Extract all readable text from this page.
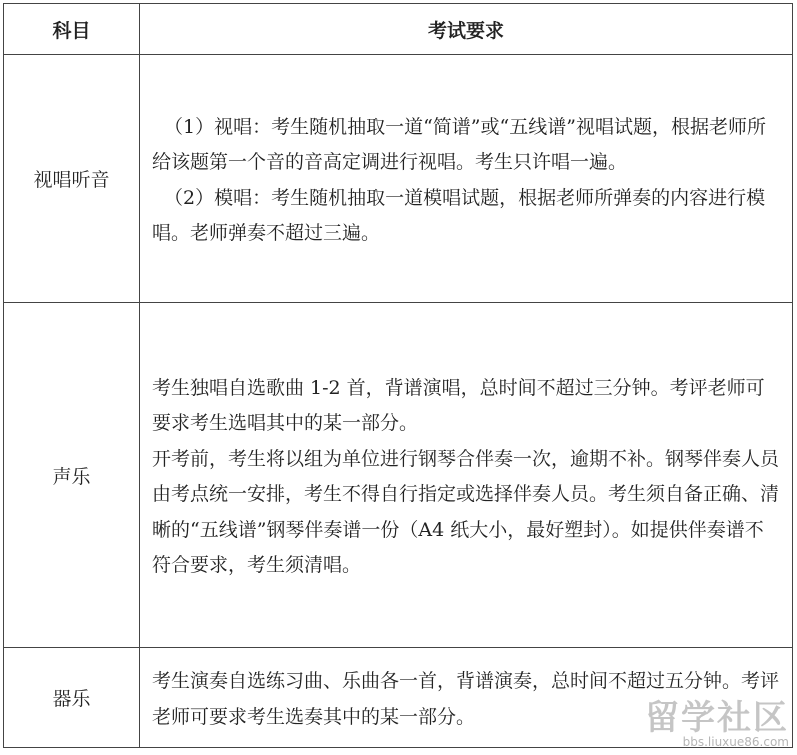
科目	考试要求
视唱听音	（1）视唱：考生随机抽取一道“简谱”或“五线谱”视唱试题，根据老师所给该题第一个音的音高定调进行视唱。考生只许唱一遍。

（2）模唱：考生随机抽取一道模唱试题，根据老师所弹奏的内容进行模唱。老师弹奏不超过三遍。

声乐	考生独唱自选歌曲 1-2 首，背谱演唱，总时间不超过三分钟。考评老师可要求考生选唱其中的某一部分。

开考前，考生将以组为单位进行钢琴合伴奏一次，逾期不补。钢琴伴奏人员由考点统一安排，考生不得自行指定或选择伴奏人员。考生须自备正确、清晰的“五线谱”钢琴伴奏谱一份（A4 纸大小，最好塑封）。如提供伴奏谱不符合要求，考生须清唱。

器乐	考生演奏自选练习曲、乐曲各一首，背谱演奏，总时间不超过五分钟。考评老师可要求考生选奏其中的某一部分。	留学社区
bbs.liuxue86.com
